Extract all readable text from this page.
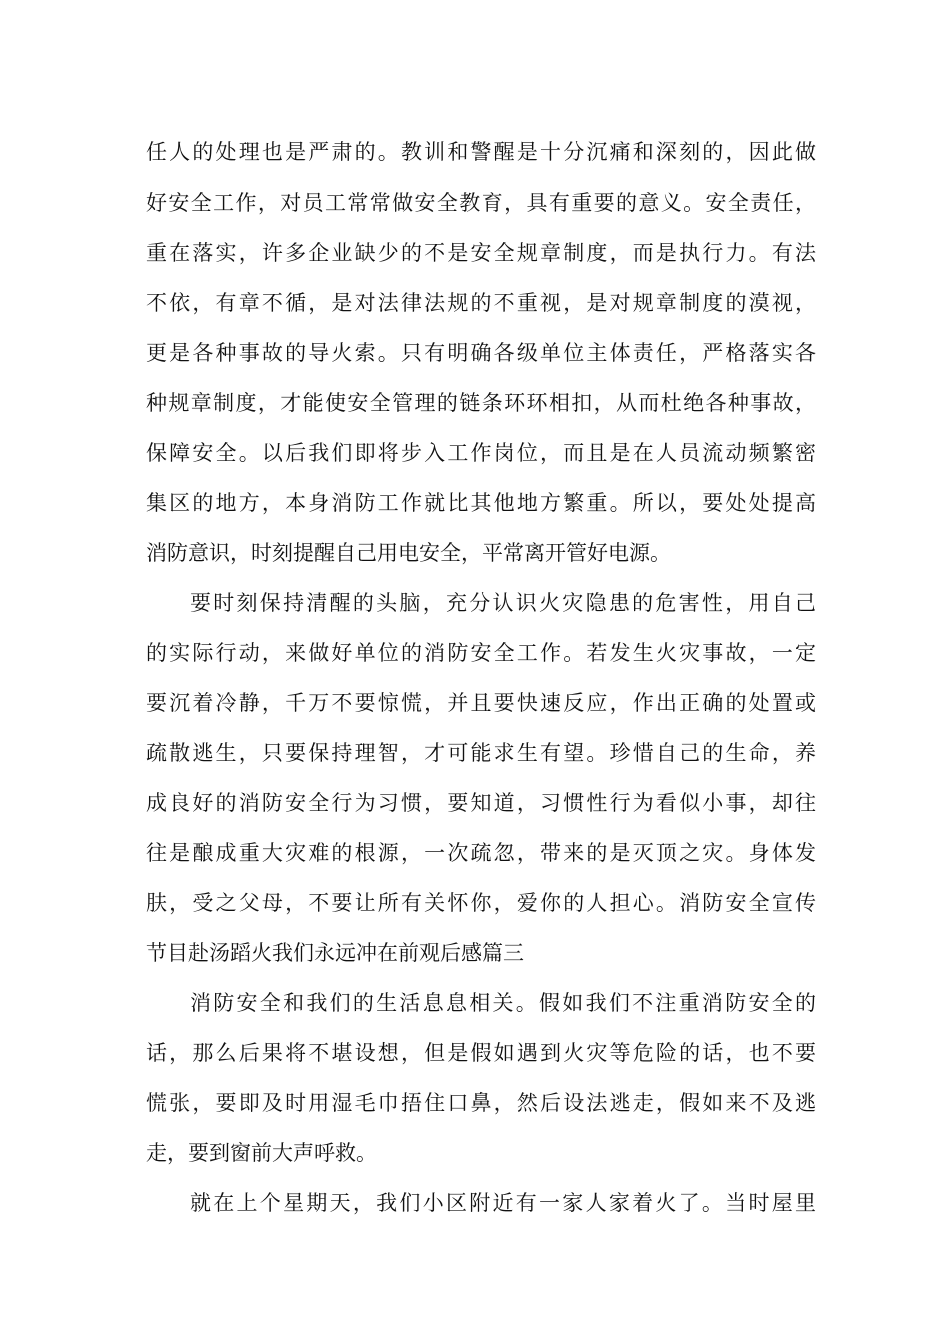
任人的处理也是严肃的。教训和警醒是十分沉痛和深刻的，因此做
好安全工作，对员工常常做安全教育，具有重要的意义。安全责任，
重在落实，许多企业缺少的不是安全规章制度，而是执行力。有法
不依，有章不循，是对法律法规的不重视，是对规章制度的漠视，
更是各种事故的导火索。只有明确各级单位主体责任，严格落实各
种规章制度，才能使安全管理的链条环环相扣，从而杜绝各种事故，
保障安全。以后我们即将步入工作岗位，而且是在人员流动频繁密
集区的地方，本身消防工作就比其他地方繁重。所以，要处处提高
消防意识，时刻提醒自己用电安全，平常离开管好电源。
要时刻保持清醒的头脑，充分认识火灾隐患的危害性，用自己
的实际行动，来做好单位的消防安全工作。若发生火灾事故，一定
要沉着冷静，千万不要惊慌，并且要快速反应，作出正确的处置或
疏散逃生，只要保持理智，才可能求生有望。珍惜自己的生命，养
成良好的消防安全行为习惯，要知道，习惯性行为看似小事，却往
往是酿成重大灾难的根源，一次疏忽，带来的是灭顶之灾。身体发
肤，受之父母，不要让所有关怀你，爱你的人担心。消防安全宣传
节目赴汤蹈火我们永远冲在前观后感篇三
消防安全和我们的生活息息相关。假如我们不注重消防安全的
话，那么后果将不堪设想，但是假如遇到火灾等危险的话，也不要
慌张，要即及时用湿毛巾捂住口鼻，然后设法逃走，假如来不及逃
走，要到窗前大声呼救。
就在上个星期天，我们小区附近有一家人家着火了。当时屋里
